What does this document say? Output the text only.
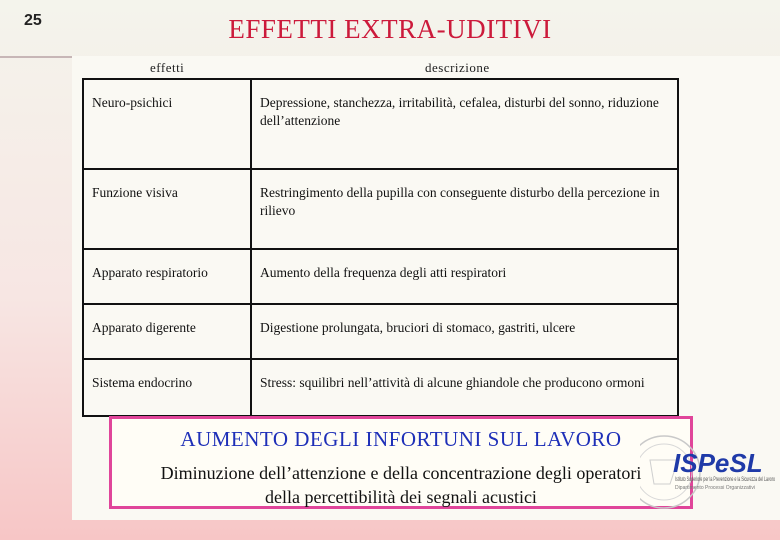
25	EFFETTI EXTRA-UDITIVI
effetti	descrizione
Neuro-psichici	Depressione, stanchezza, irritabilità, cefalea, disturbi del sonno, riduzione dell’attenzione
Funzione visiva	Restringimento della pupilla con conseguente disturbo della percezione in rilievo
Apparato respiratorio	Aumento della frequenza degli atti respiratori
Apparato digerente	Digestione prolungata, bruciori di stomaco, gastriti, ulcere
Sistema endocrino	Stress: squilibri nell’attività di alcune ghiandole che producono ormoni
AUMENTO DEGLI INFORTUNI SUL LAVORO
Diminuzione dell’attenzione e della concentrazione degli operatori
della percettibilità dei segnali acustici
ISPeSL
Istituto Superiore per la Prevenzione e la Sicurezza del Lavoro
Dipartimento Processi Organizzativi
